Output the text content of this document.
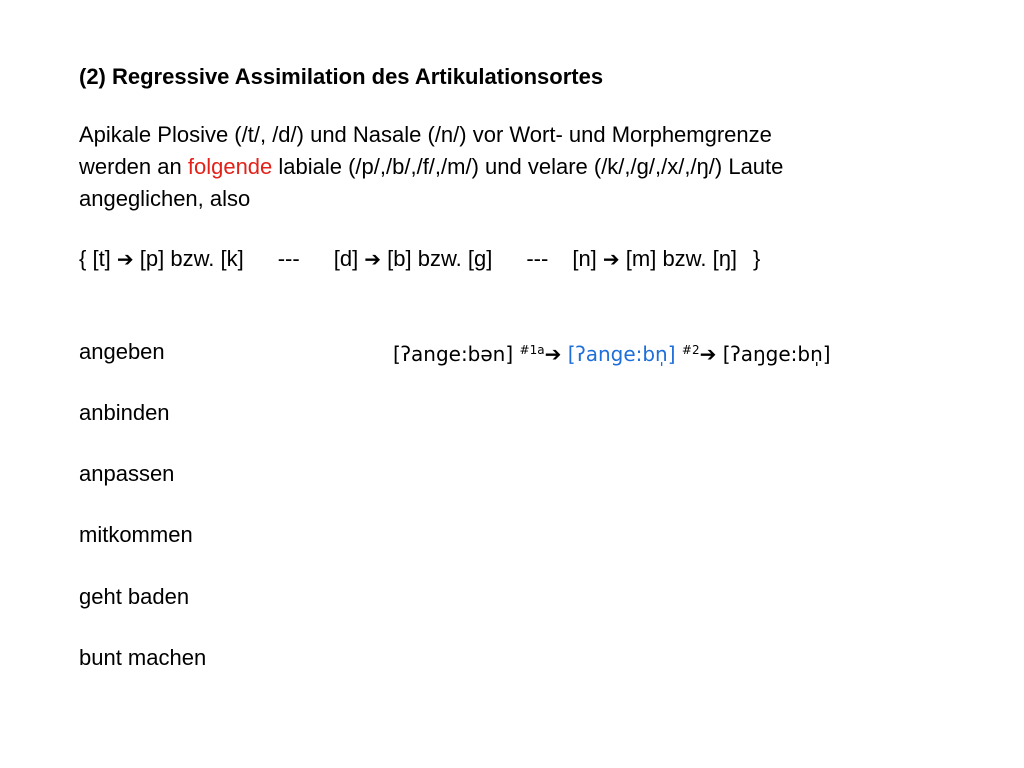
(2) Regressive Assimilation des Artikulationsortes
Apikale Plosive (/t/, /d/) und Nasale (/n/) vor Wort- und Morphemgrenze
werden an folgende labiale (/p/,/b/,/f/,/m/) und velare (/k/,/g/,/x/,/ŋ/) Laute
angeglichen, also
{ [t] ➔ [p] bzw. [k] --- [d] ➔ [b] bzw. [g] --- [n] ➔ [m] bzw. [ŋ] }
angeben	[ʔange:bən] $^{\#1a}$➔ [ʔange:bn̩] $^{\#2}$➔ [ʔaŋge:bn̩]
anbinden
anpassen
mitkommen
geht baden
bunt machen
